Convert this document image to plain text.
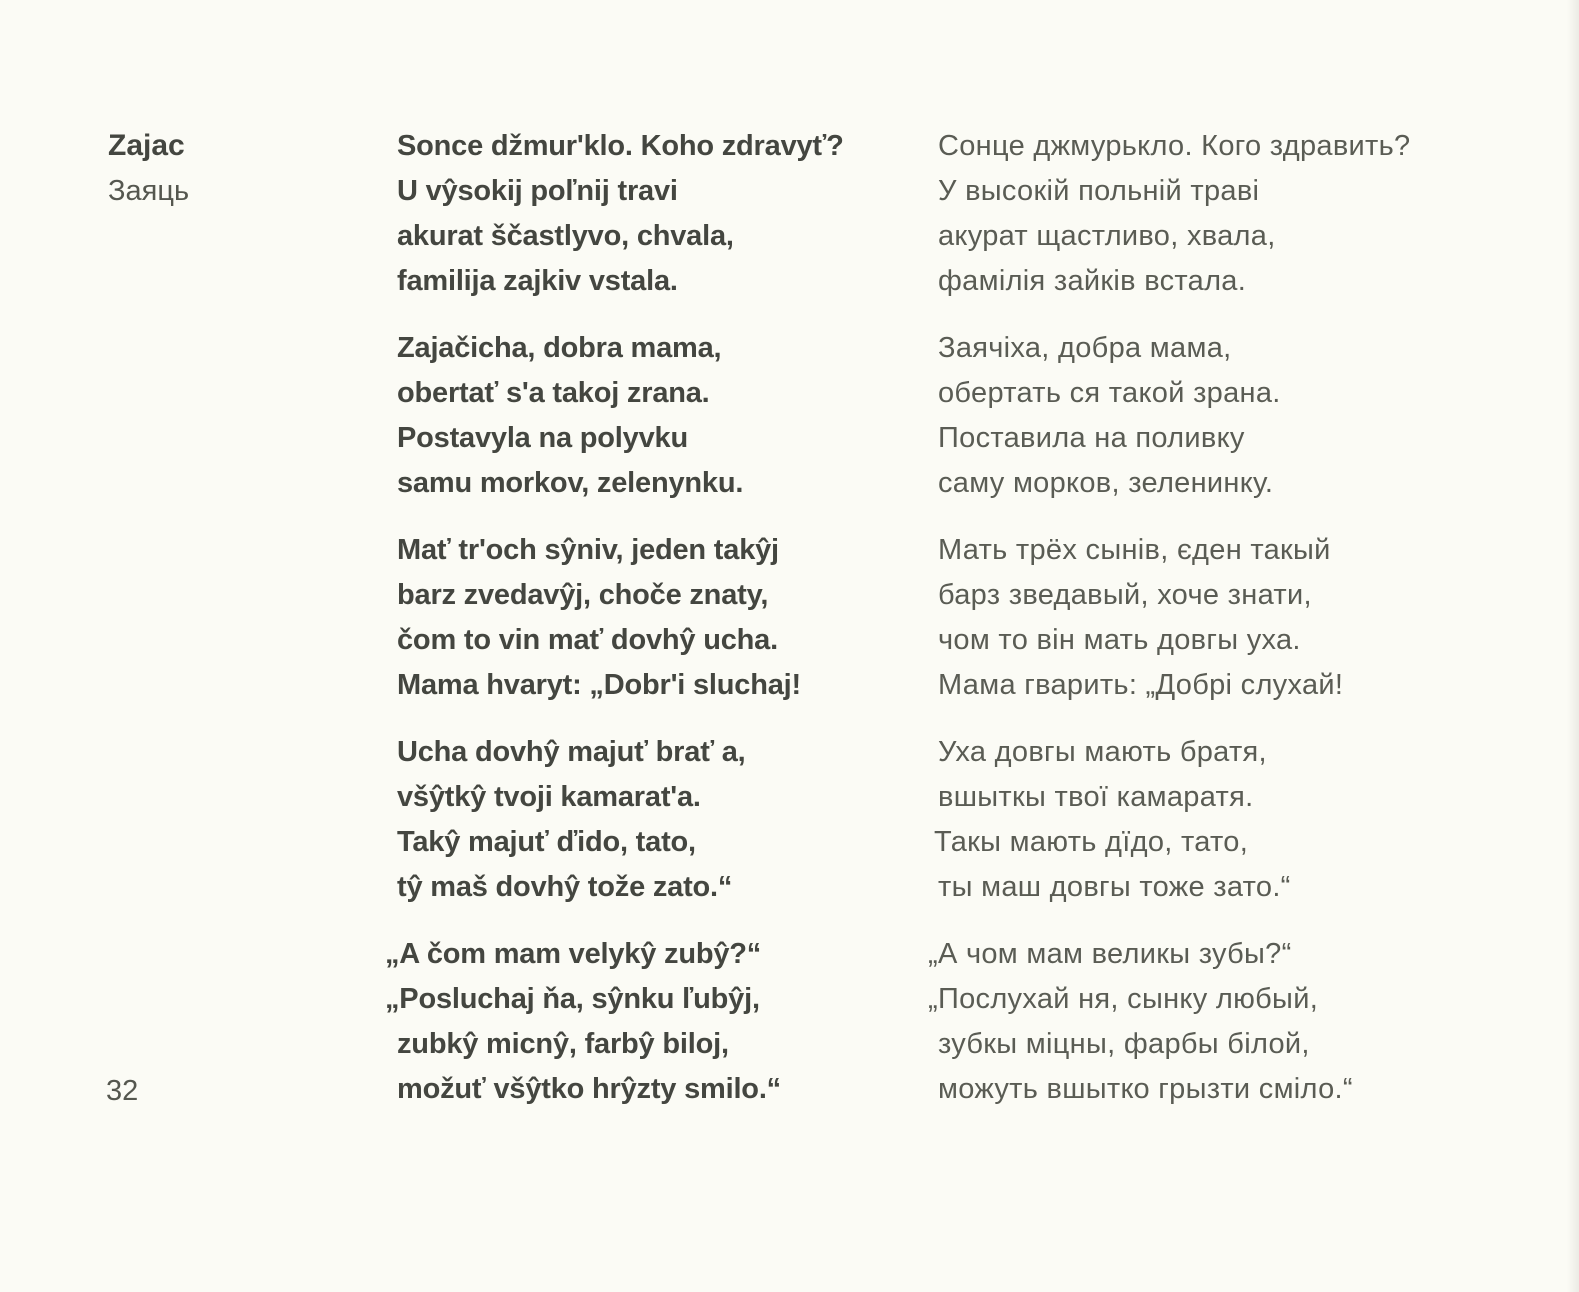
Zajac
Заяць
Sonce džmur'klo. Koho zdravyť?
U vŷsokij poľnij travi
akurat ščastlyvo, chvala,
familija zajkiv vstala.
Zajačicha, dobra mama,
obertať s'a takoj zrana.
Postavyla na polyvku
samu morkov, zelenynku.
Mať tr'och sŷniv, jeden takŷj
barz zvedavŷj, choče znaty,
čom to vin mať dovhŷ ucha.
Mama hvaryt: „Dobr'i sluchaj!
Ucha dovhŷ majuť brať a,
všŷtkŷ tvoji kamarat'a.
Takŷ majuť ďido, tato,
tŷ maš dovhŷ tože zato.“
„A čom mam velykŷ zubŷ?“
„Posluchaj ňa, sŷnku ľubŷj,
zubkŷ micnŷ, farbŷ biloj,
možuť všŷtko hrŷzty smilo.“
Сонце джмурькло. Кого здравить?
У высокій польній траві
акурат щастливо, хвала,
фамілія зайків встала.
Заячіха, добра мама,
обертать ся такой зрана.
Поставила на поливку
саму морков, зеленинку.
Мать трёх сынів, єден такый
барз зведавый, хоче знати,
чом то він мать довгы уха.
Мама гварить: „Добрі слухай!
Уха довгы мають братя,
вшыткы твої камаратя.
Такы мають дїдо, тато,
ты маш довгы тоже зато.“
„А чом мам великы зубы?“
„Послухай ня, сынку любый,
зубкы міцны, фарбы білой,
можуть вшыткo грызти сміло.“
32
